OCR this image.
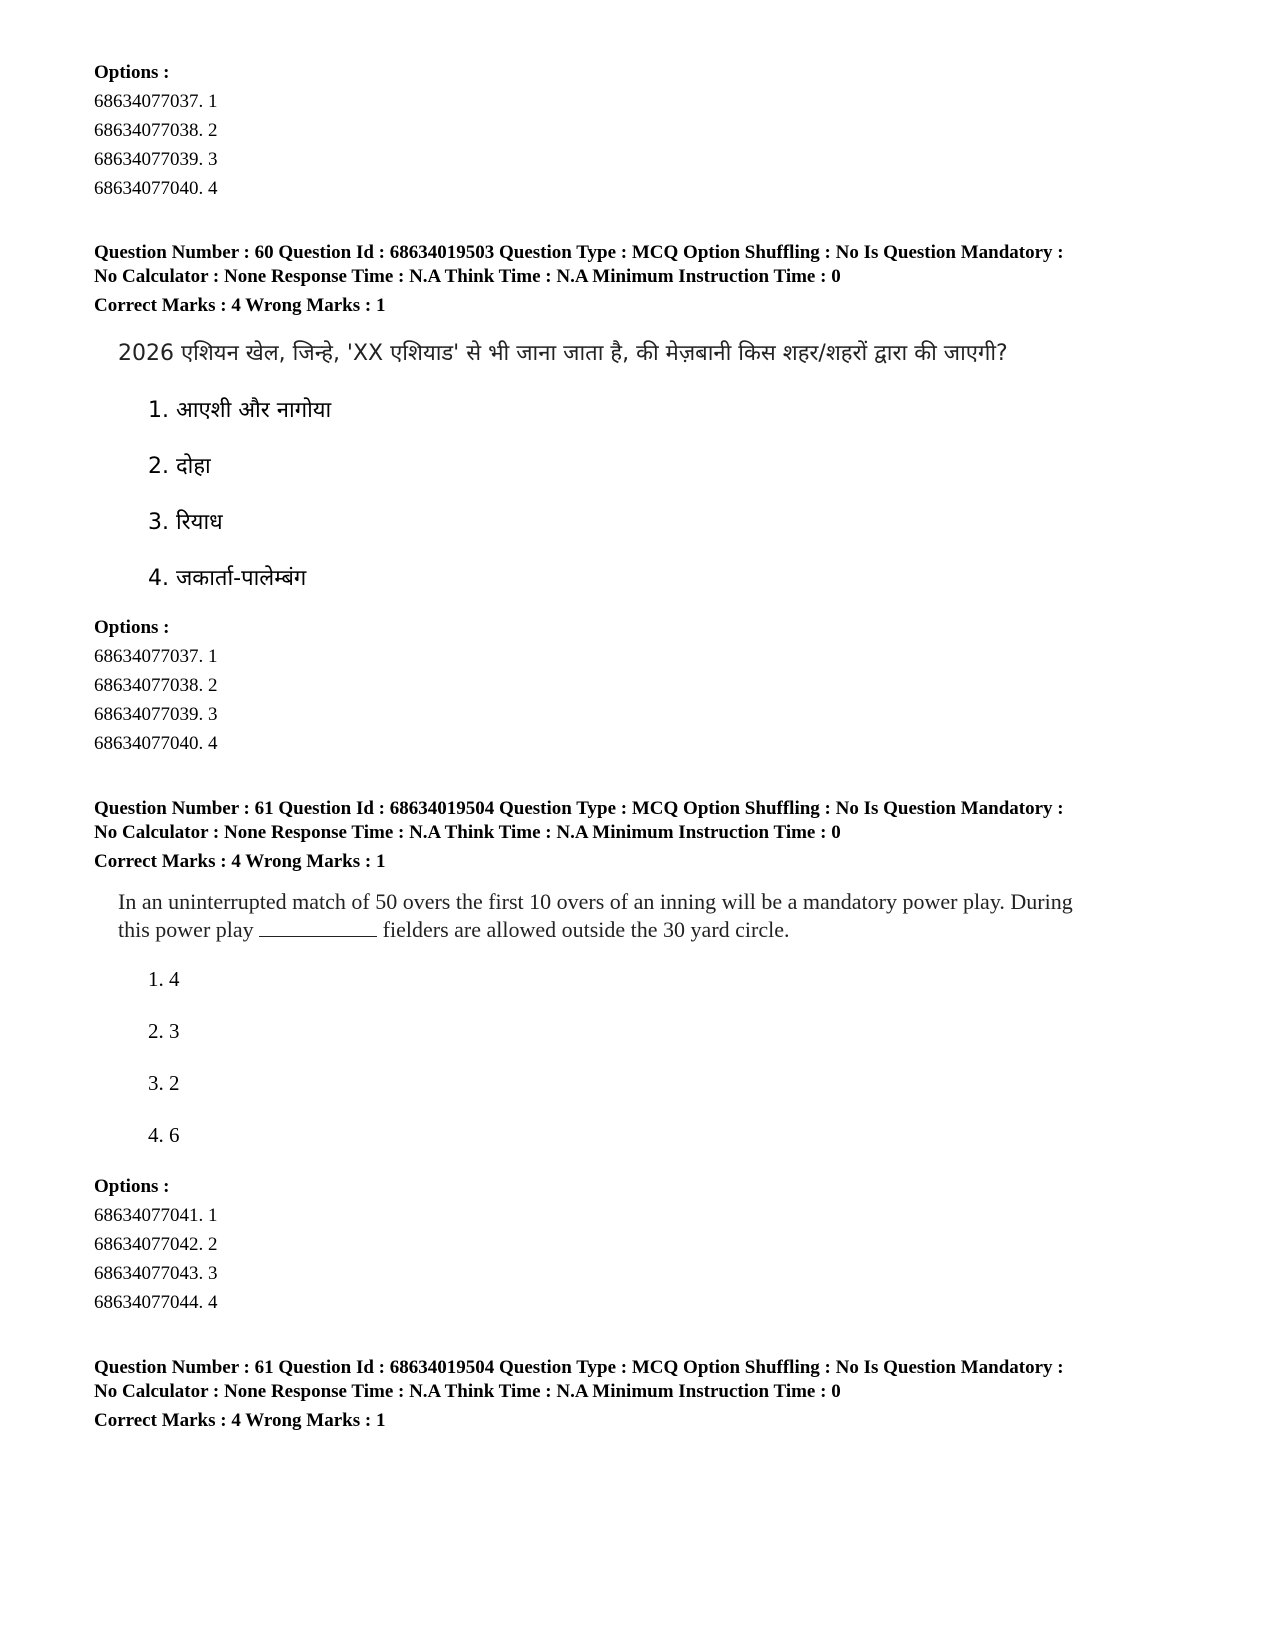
Options :
68634077037. 1
68634077038. 2
68634077039. 3
68634077040. 4
Question Number : 60 Question Id : 68634019503 Question Type : MCQ Option Shuffling : No Is Question Mandatory :
No Calculator : None Response Time : N.A Think Time : N.A Minimum Instruction Time : 0
Correct Marks : 4 Wrong Marks : 1
2026 एशियन खेल, जिन्हे, 'XX एशियाड' से भी जाना जाता है, की मेज़बानी किस शहर/शहरों द्वारा की जाएगी?
1. आएशी और नागोया
2. दोहा
3. रियाध
4. जकार्ता-पालेम्बंग
Options :
68634077037. 1
68634077038. 2
68634077039. 3
68634077040. 4
Question Number : 61 Question Id : 68634019504 Question Type : MCQ Option Shuffling : No Is Question Mandatory :
No Calculator : None Response Time : N.A Think Time : N.A Minimum Instruction Time : 0
Correct Marks : 4 Wrong Marks : 1
In an uninterrupted match of 50 overs the first 10 overs of an inning will be a mandatory power play. During
this power play	fielders are allowed outside the 30 yard circle.
1. 4
2. 3
3. 2
4. 6
Options :
68634077041. 1
68634077042. 2
68634077043. 3
68634077044. 4
Question Number : 61 Question Id : 68634019504 Question Type : MCQ Option Shuffling : No Is Question Mandatory :
No Calculator : None Response Time : N.A Think Time : N.A Minimum Instruction Time : 0
Correct Marks : 4 Wrong Marks : 1
